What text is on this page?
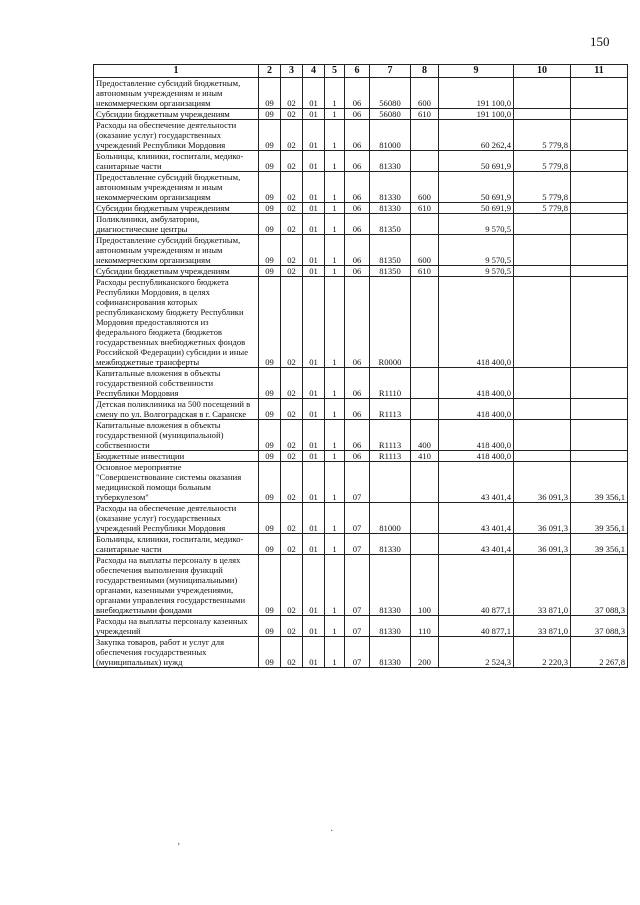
150
1	2	3	4	5	6	7	8	9	10	11
Предоставление субсидий бюджетным, автономным учреждениям и иным некоммерческим организациям	09	02	01	1	06	56080	600	191 100,0		
Субсидии бюджетным учреждениям	09	02	01	1	06	56080	610	191 100,0		
Расходы на обеспечение деятельности (оказание услуг) государственных учреждений Республики Мордовия	09	02	01	1	06	81000		60 262,4	5 779,8	
Больницы, клиники, госпитали, медико-санитарные части	09	02	01	1	06	81330		50 691,9	5 779,8	
Предоставление субсидий бюджетным, автономным учреждениям и иным некоммерческим организациям	09	02	01	1	06	81330	600	50 691,9	5 779,8	
Субсидии бюджетным учреждениям	09	02	01	1	06	81330	610	50 691,9	5 779,8	
Поликлиники, амбулатории, диагностические центры	09	02	01	1	06	81350		9 570,5		
Предоставление субсидий бюджетным, автономным учреждениям и иным некоммерческим организациям	09	02	01	1	06	81350	600	9 570,5		
Субсидии бюджетным учреждениям	09	02	01	1	06	81350	610	9 570,5		
Расходы республиканского бюджета Республики Мордовия, в целях софинансирования которых республиканскому бюджету Республики Мордовия предоставляются из федерального бюджета (бюджетов государственных внебюджетных фондов Российской Федерации) субсидии и иные межбюджетные трансферты	09	02	01	1	06	R0000		418 400,0		
Капитальные вложения в объекты государственной собственности Республики Мордовия	09	02	01	1	06	R1110		418 400,0		
Детская поликлиника на 500 посещений в смену по ул. Волгоградская в г. Саранске	09	02	01	1	06	R1113		418 400,0		
Капитальные вложения в объекты государственной (муниципальной) собственности	09	02	01	1	06	R1113	400	418 400,0		
Бюджетные инвестиции	09	02	01	1	06	R1113	410	418 400,0		
Основное мероприятие "Совершенствование системы оказания медицинской помощи больным туберкулезом"	09	02	01	1	07			43 401,4	36 091,3	39 356,1
Расходы на обеспечение деятельности (оказание услуг) государственных учреждений Республики Мордовия	09	02	01	1	07	81000		43 401,4	36 091,3	39 356,1
Больницы, клиники, госпитали, медико-санитарные части	09	02	01	1	07	81330		43 401,4	36 091,3	39 356,1
Расходы на выплаты персоналу в целях обеспечения выполнения функций государственными (муниципальными) органами, казенными учреждениями, органами управления государственными внебюджетными фондами	09	02	01	1	07	81330	100	40 877,1	33 871,0	37 088,3
Расходы на выплаты персоналу казенных учреждений	09	02	01	1	07	81330	110	40 877,1	33 871,0	37 088,3
Закупка товаров, работ и услуг для обеспечения государственных (муниципальных) нужд	09	02	01	1	07	81330	200	2 524,3	2 220,3	2 267,8
ʼ
·
